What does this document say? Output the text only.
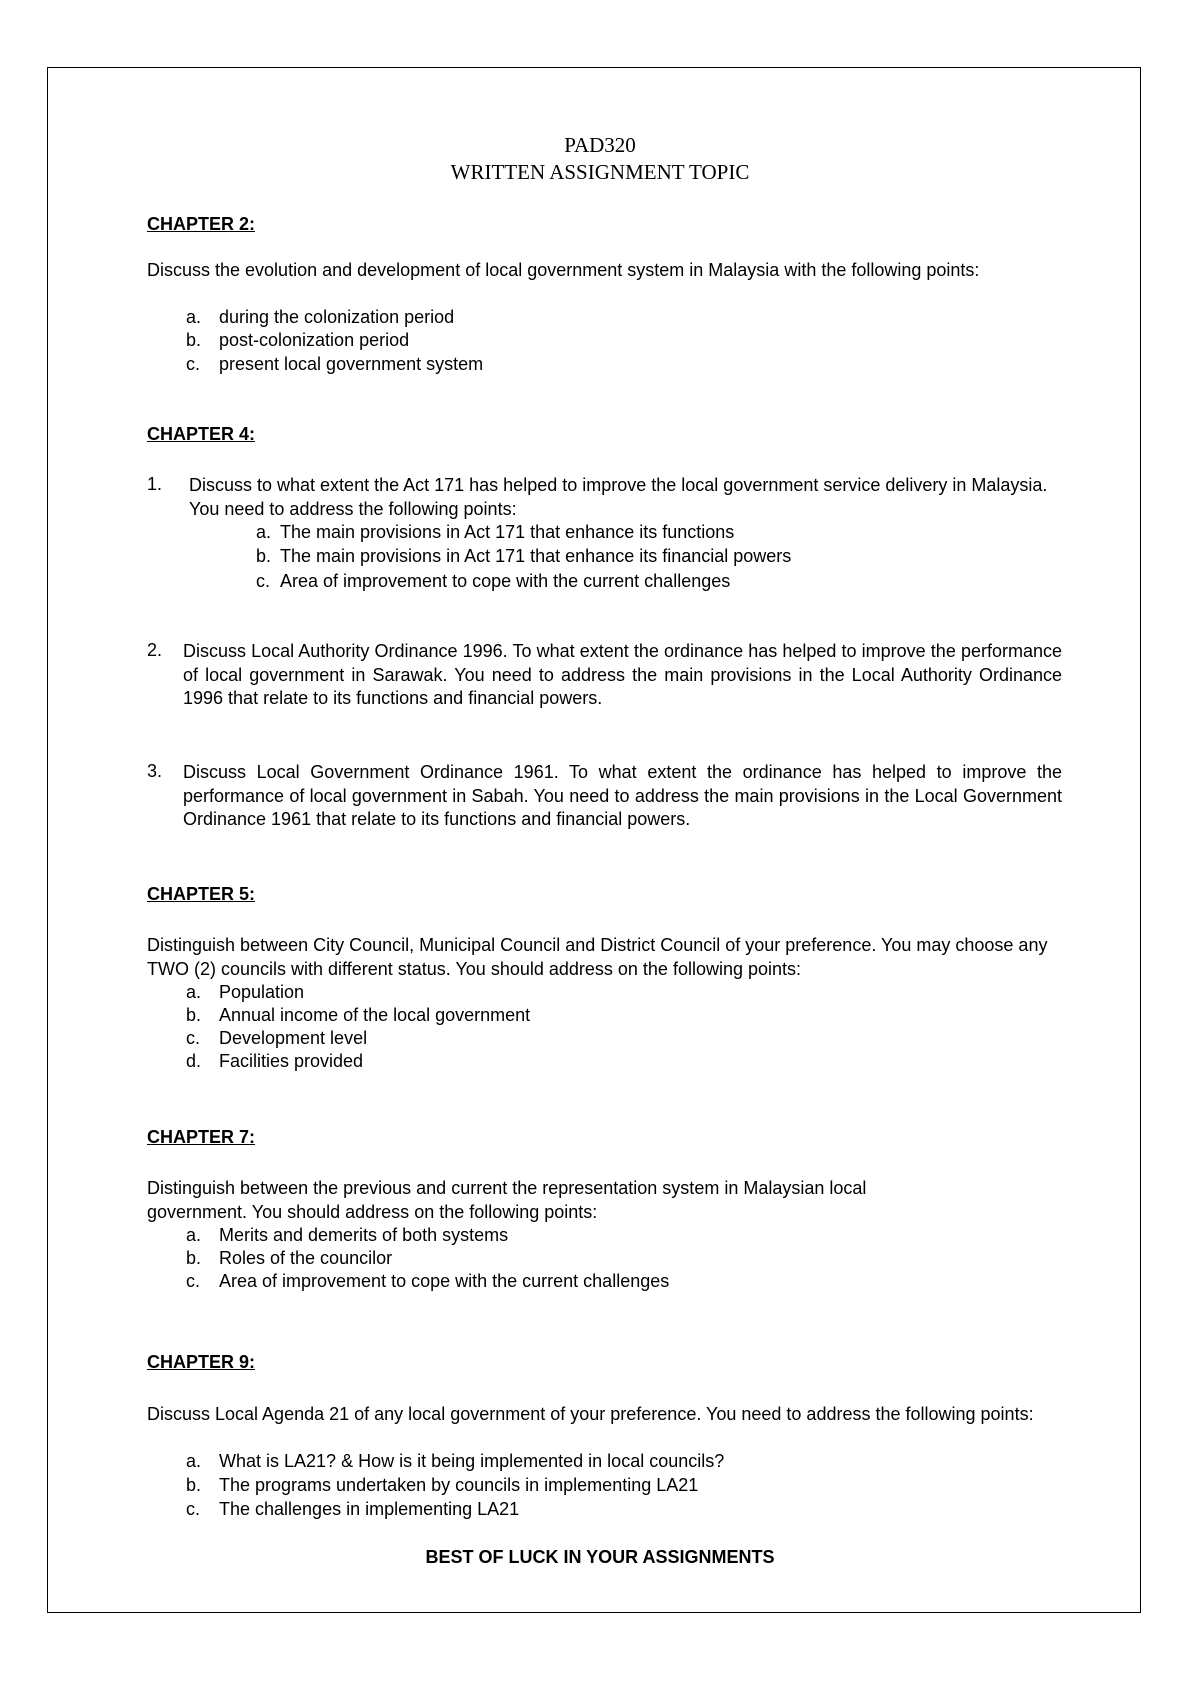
PAD320
WRITTEN ASSIGNMENT TOPIC
CHAPTER 2:
Discuss the evolution and development of local government system in Malaysia with the following points:
a. during the colonization period
b. post-colonization period
c. present local government system
CHAPTER 4:
1. Discuss to what extent the Act 171 has helped to improve the local government service delivery in Malaysia. You need to address the following points:
a. The main provisions in Act 171 that enhance its functions
b. The main provisions in Act 171 that enhance its financial powers
c. Area of improvement to cope with the current challenges
2. Discuss Local Authority Ordinance 1996. To what extent the ordinance has helped to improve the performance of local government in Sarawak. You need to address the main provisions in the Local Authority Ordinance 1996 that relate to its functions and financial powers.
3. Discuss Local Government Ordinance 1961. To what extent the ordinance has helped to improve the performance of local government in Sabah. You need to address the main provisions in the Local Government Ordinance 1961 that relate to its functions and financial powers.
CHAPTER 5:
Distinguish between City Council, Municipal Council and District Council of your preference. You may choose any TWO (2) councils with different status. You should address on the following points:
a. Population
b. Annual income of the local government
c. Development level
d. Facilities provided
CHAPTER 7:
Distinguish between the previous and current the representation system in Malaysian local government. You should address on the following points:
a. Merits and demerits of both systems
b. Roles of the councilor
c. Area of improvement to cope with the current challenges
CHAPTER 9:
Discuss Local Agenda 21 of any local government of your preference. You need to address the following points:
a. What is LA21? & How is it being implemented in local councils?
b. The programs undertaken by councils in implementing LA21
c. The challenges in implementing LA21
BEST OF LUCK IN YOUR ASSIGNMENTS
